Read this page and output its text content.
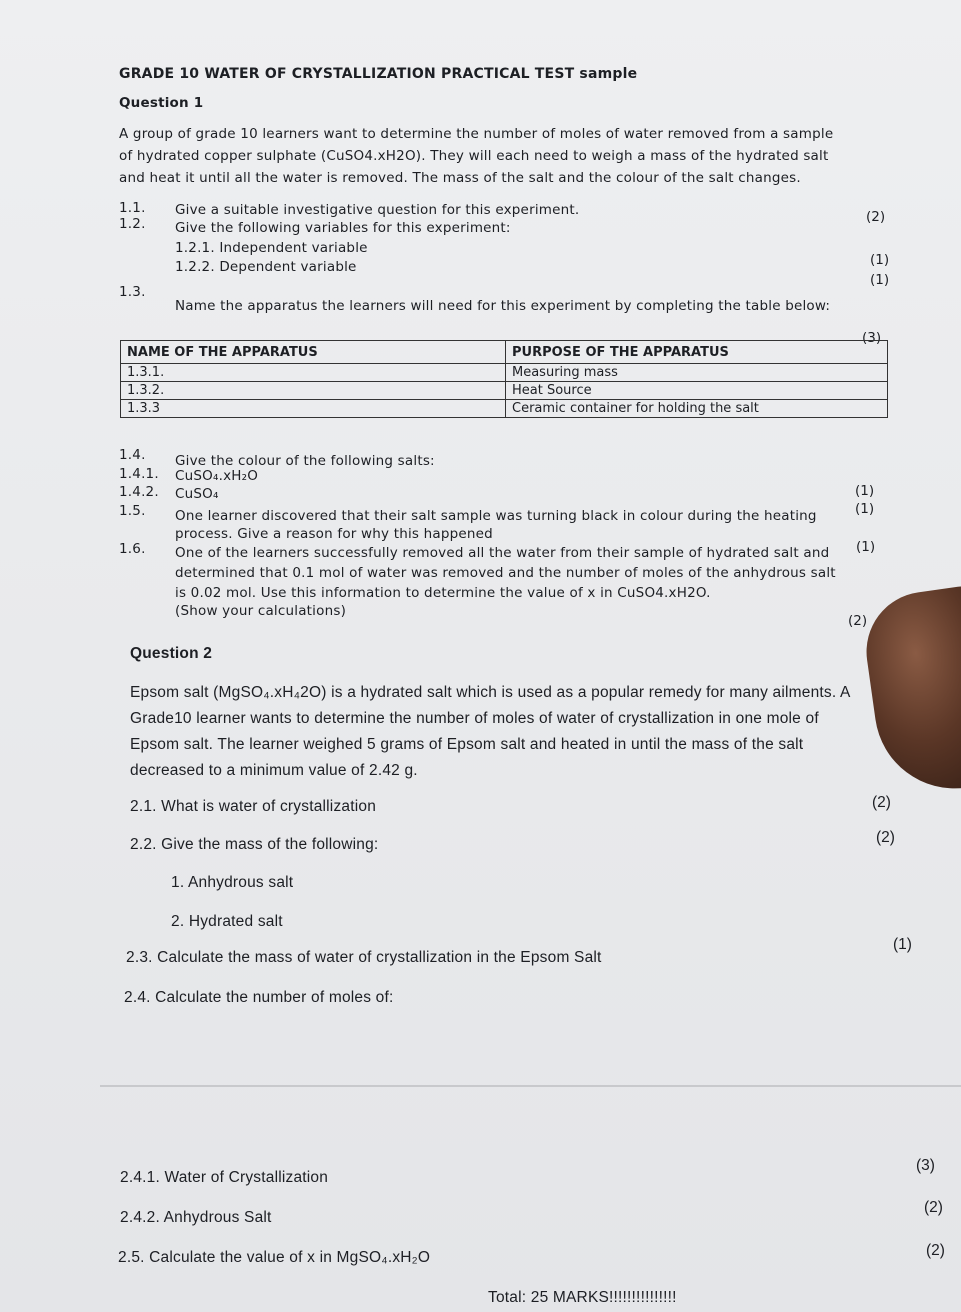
GRADE 10 WATER OF CRYSTALLIZATION PRACTICAL TEST sample
Question 1
A group of grade 10 learners want to determine the number of moles of water removed from a sample
of hydrated copper sulphate (CuSO4.xH2O). They will each need to weigh a mass of the hydrated salt
and heat it until all the water is removed. The mass of the salt and the colour of the salt changes.
1.1. Give a suitable investigative question for this experiment.	(2)
1.2. Give the following variables for this experiment:
1.2.1. Independent variable
(1)
1.2.2. Dependent variable
(1)
1.3.
Name the apparatus the learners will need for this experiment by completing the table below:
(3)
NAME OF THE APPARATUS	PURPOSE OF THE APPARATUS
1.3.1.	Measuring mass
1.3.2.	Heat Source
1.3.3	Ceramic container for holding the salt
1.4. Give the colour of the following salts:
1.4.1. CuSO₄.xH₂O
1.4.2. CuSO₄	(1)
(1)
1.5. One learner discovered that their salt sample was turning black in colour during the heating
process. Give a reason for why this happened
(1)
1.6. One of the learners successfully removed all the water from their sample of hydrated salt and
determined that 0.1 mol of water was removed and the number of moles of the anhydrous salt
is 0.02 mol. Use this information to determine the value of x in CuSO4.xH2O.
(Show your calculations)
(2)
Question 2
Epsom salt (MgSO₄.xH₄2O) is a hydrated salt which is used as a popular remedy for many ailments. A
Grade10 learner wants to determine the number of moles of water of crystallization in one mole of
Epsom salt. The learner weighed 5 grams of Epsom salt and heated in until the mass of the salt
decreased to a minimum value of 2.42 g.
2.1. What is water of crystallization	(2)
2.2. Give the mass of the following:	(2)
1. Anhydrous salt
2. Hydrated salt
2.3. Calculate the mass of water of crystallization in the Epsom Salt
(1)
2.4. Calculate the number of moles of:
2.4.1. Water of Crystallization
(3)
2.4.2. Anhydrous Salt
(2)
2.5. Calculate the value of x in MgSO₄.xH₂O	(2)
Total: 25 MARKS!!!!!!!!!!!!!!!
